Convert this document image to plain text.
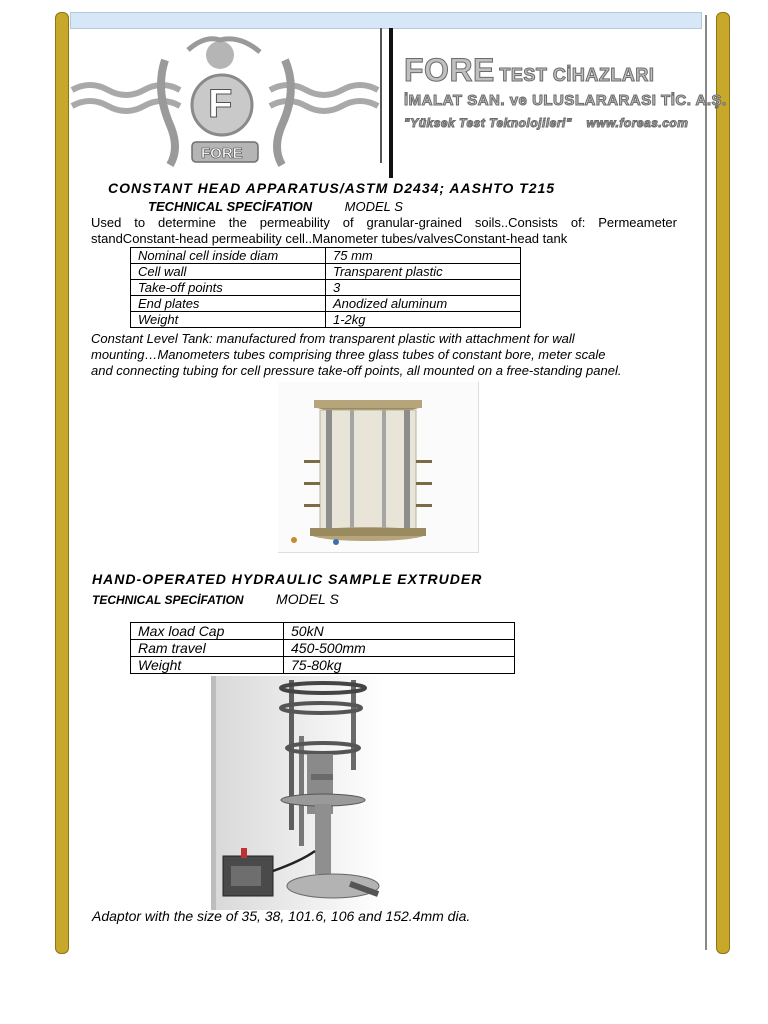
F
FORE
FORE TEST CİHAZLARI
İMALAT SAN. ve ULUSLARARASI TİC. A.Ş.
"Yüksek Test Teknolojileri" www.foreas.com
CONSTANT HEAD APPARATUS/ASTM D2434; AASHTO T215
TECHNICAL SPECİFATION MODEL S
Used to determine the permeability of granular-grained soils..Consists of: Permeameter
standConstant-head permeability cell..Manometer tubes/valvesConstant-head tank
Nominal cell inside diam	75 mm
Cell wall	Transparent plastic
Take-off points	3
End plates	Anodized aluminum
Weight	1-2kg
Constant Level Tank: manufactured from transparent plastic with attachment for wall
mounting…Manometers tubes comprising three glass tubes of constant bore, meter scale
and connecting tubing for cell pressure take-off points, all mounted on a free-standing panel.
HAND-OPERATED HYDRAULIC SAMPLE EXTRUDER
TECHNICAL SPECİFATION MODEL S
Max load Cap	50kN
Ram travel	450-500mm
Weight	75-80kg
Adaptor with the size of 35, 38, 101.6, 106 and 152.4mm dia.
